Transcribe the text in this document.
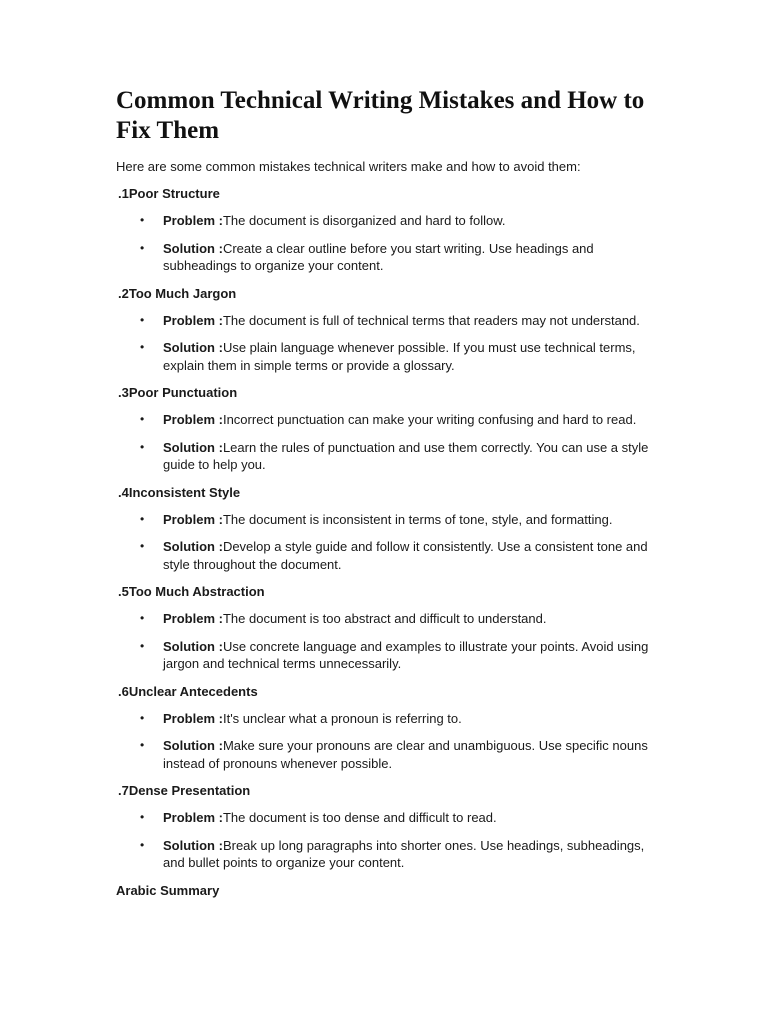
Common Technical Writing Mistakes and How to Fix Them

Here are some common mistakes technical writers make and how to avoid them:

.1Poor Structure
• Problem :The document is disorganized and hard to follow.
• Solution :Create a clear outline before you start writing. Use headings and subheadings to organize your content.
.2Too Much Jargon
• Problem :The document is full of technical terms that readers may not understand.
• Solution :Use plain language whenever possible. If you must use technical terms, explain them in simple terms or provide a glossary.
.3Poor Punctuation
• Problem :Incorrect punctuation can make your writing confusing and hard to read.
• Solution :Learn the rules of punctuation and use them correctly. You can use a style guide to help you.
.4Inconsistent Style
• Problem :The document is inconsistent in terms of tone, style, and formatting.
• Solution :Develop a style guide and follow it consistently. Use a consistent tone and style throughout the document.
.5Too Much Abstraction
• Problem :The document is too abstract and difficult to understand.
• Solution :Use concrete language and examples to illustrate your points. Avoid using jargon and technical terms unnecessarily.
.6Unclear Antecedents
• Problem :It's unclear what a pronoun is referring to.
• Solution :Make sure your pronouns are clear and unambiguous. Use specific nouns instead of pronouns whenever possible.
.7Dense Presentation
• Problem :The document is too dense and difficult to read.
• Solution :Break up long paragraphs into shorter ones. Use headings, subheadings, and bullet points to organize your content.
Arabic Summary
